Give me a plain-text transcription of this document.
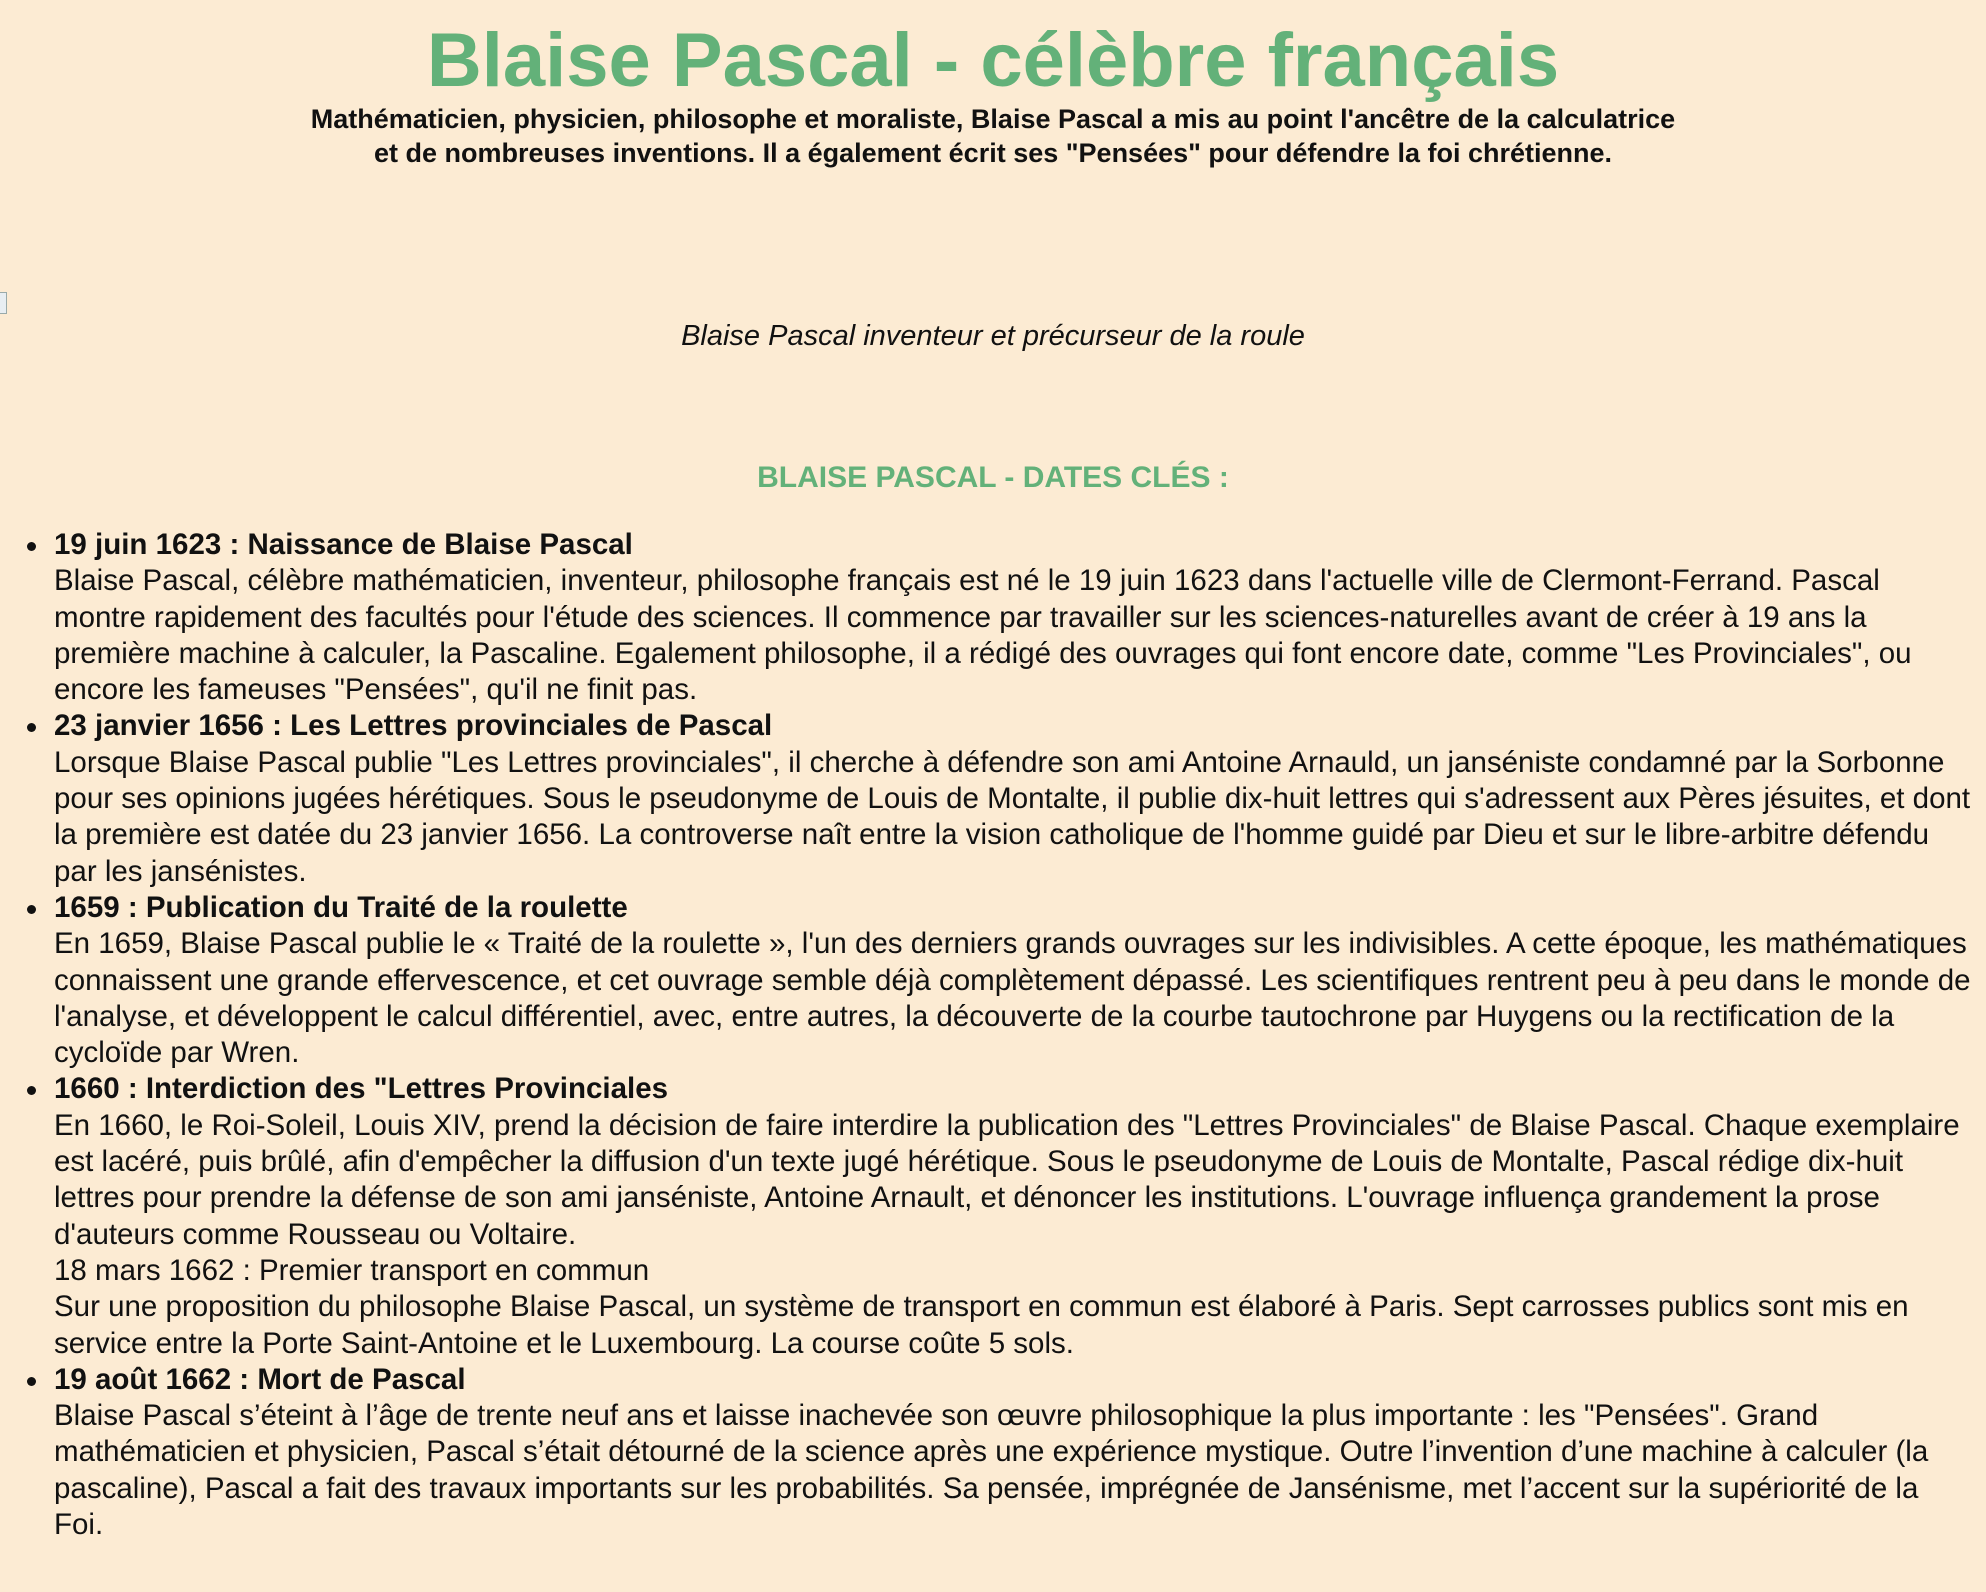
Blaise Pascal - célèbre français

Mathématicien, physicien, philosophe et moraliste, Blaise Pascal a mis au point l'ancêtre de la calculatrice et de nombreuses inventions. Il a également écrit ses "Pensées" pour défendre la foi chrétienne.

Blaise Pascal inventeur et précurseur de la roule

BLAISE PASCAL - DATES CLÉS :
19 juin 1623 : Naissance de Blaise Pascal
Blaise Pascal, célèbre mathématicien, inventeur, philosophe français est né le 19 juin 1623 dans l'actuelle ville de Clermont-Ferrand. Pascal montre rapidement des facultés pour l'étude des sciences. Il commence par travailler sur les sciences-naturelles avant de créer à 19 ans la première machine à calculer, la Pascaline. Egalement philosophe, il a rédigé des ouvrages qui font encore date, comme "Les Provinciales", ou encore les fameuses "Pensées", qu'il ne finit pas.
23 janvier 1656 : Les Lettres provinciales de Pascal
Lorsque Blaise Pascal publie "Les Lettres provinciales", il cherche à défendre son ami Antoine Arnauld, un janséniste condamné par la Sorbonne pour ses opinions jugées hérétiques. Sous le pseudonyme de Louis de Montalte, il publie dix-huit lettres qui s'adressent aux Pères jésuites, et dont la première est datée du 23 janvier 1656. La controverse naît entre la vision catholique de l'homme guidé par Dieu et sur le libre-arbitre défendu par les jansénistes.
1659 : Publication du Traité de la roulette
En 1659, Blaise Pascal publie le « Traité de la roulette », l'un des derniers grands ouvrages sur les indivisibles. A cette époque, les mathématiques connaissent une grande effervescence, et cet ouvrage semble déjà complètement dépassé. Les scientifiques rentrent peu à peu dans le monde de l'analyse, et développent le calcul différentiel, avec, entre autres, la découverte de la courbe tautochrone par Huygens ou la rectification de la cycloïde par Wren.
1660 : Interdiction des "Lettres Provinciales
En 1660, le Roi-Soleil, Louis XIV, prend la décision de faire interdire la publication des "Lettres Provinciales" de Blaise Pascal. Chaque exemplaire est lacéré, puis brûlé, afin d'empêcher la diffusion d'un texte jugé hérétique. Sous le pseudonyme de Louis de Montalte, Pascal rédige dix-huit lettres pour prendre la défense de son ami janséniste, Antoine Arnault, et dénoncer les institutions. L'ouvrage influença grandement la prose d'auteurs comme Rousseau ou Voltaire.
18 mars 1662 : Premier transport en commun
Sur une proposition du philosophe Blaise Pascal, un système de transport en commun est élaboré à Paris. Sept carrosses publics sont mis en service entre la Porte Saint-Antoine et le Luxembourg. La course coûte 5 sols.
19 août 1662 : Mort de Pascal
Blaise Pascal s’éteint à l’âge de trente neuf ans et laisse inachevée son œuvre philosophique la plus importante : les "Pensées". Grand mathématicien et physicien, Pascal s’était détourné de la science après une expérience mystique. Outre l’invention d’une machine à calculer (la pascaline), Pascal a fait des travaux importants sur les probabilités. Sa pensée, imprégnée de Jansénisme, met l’accent sur la supériorité de la Foi.
